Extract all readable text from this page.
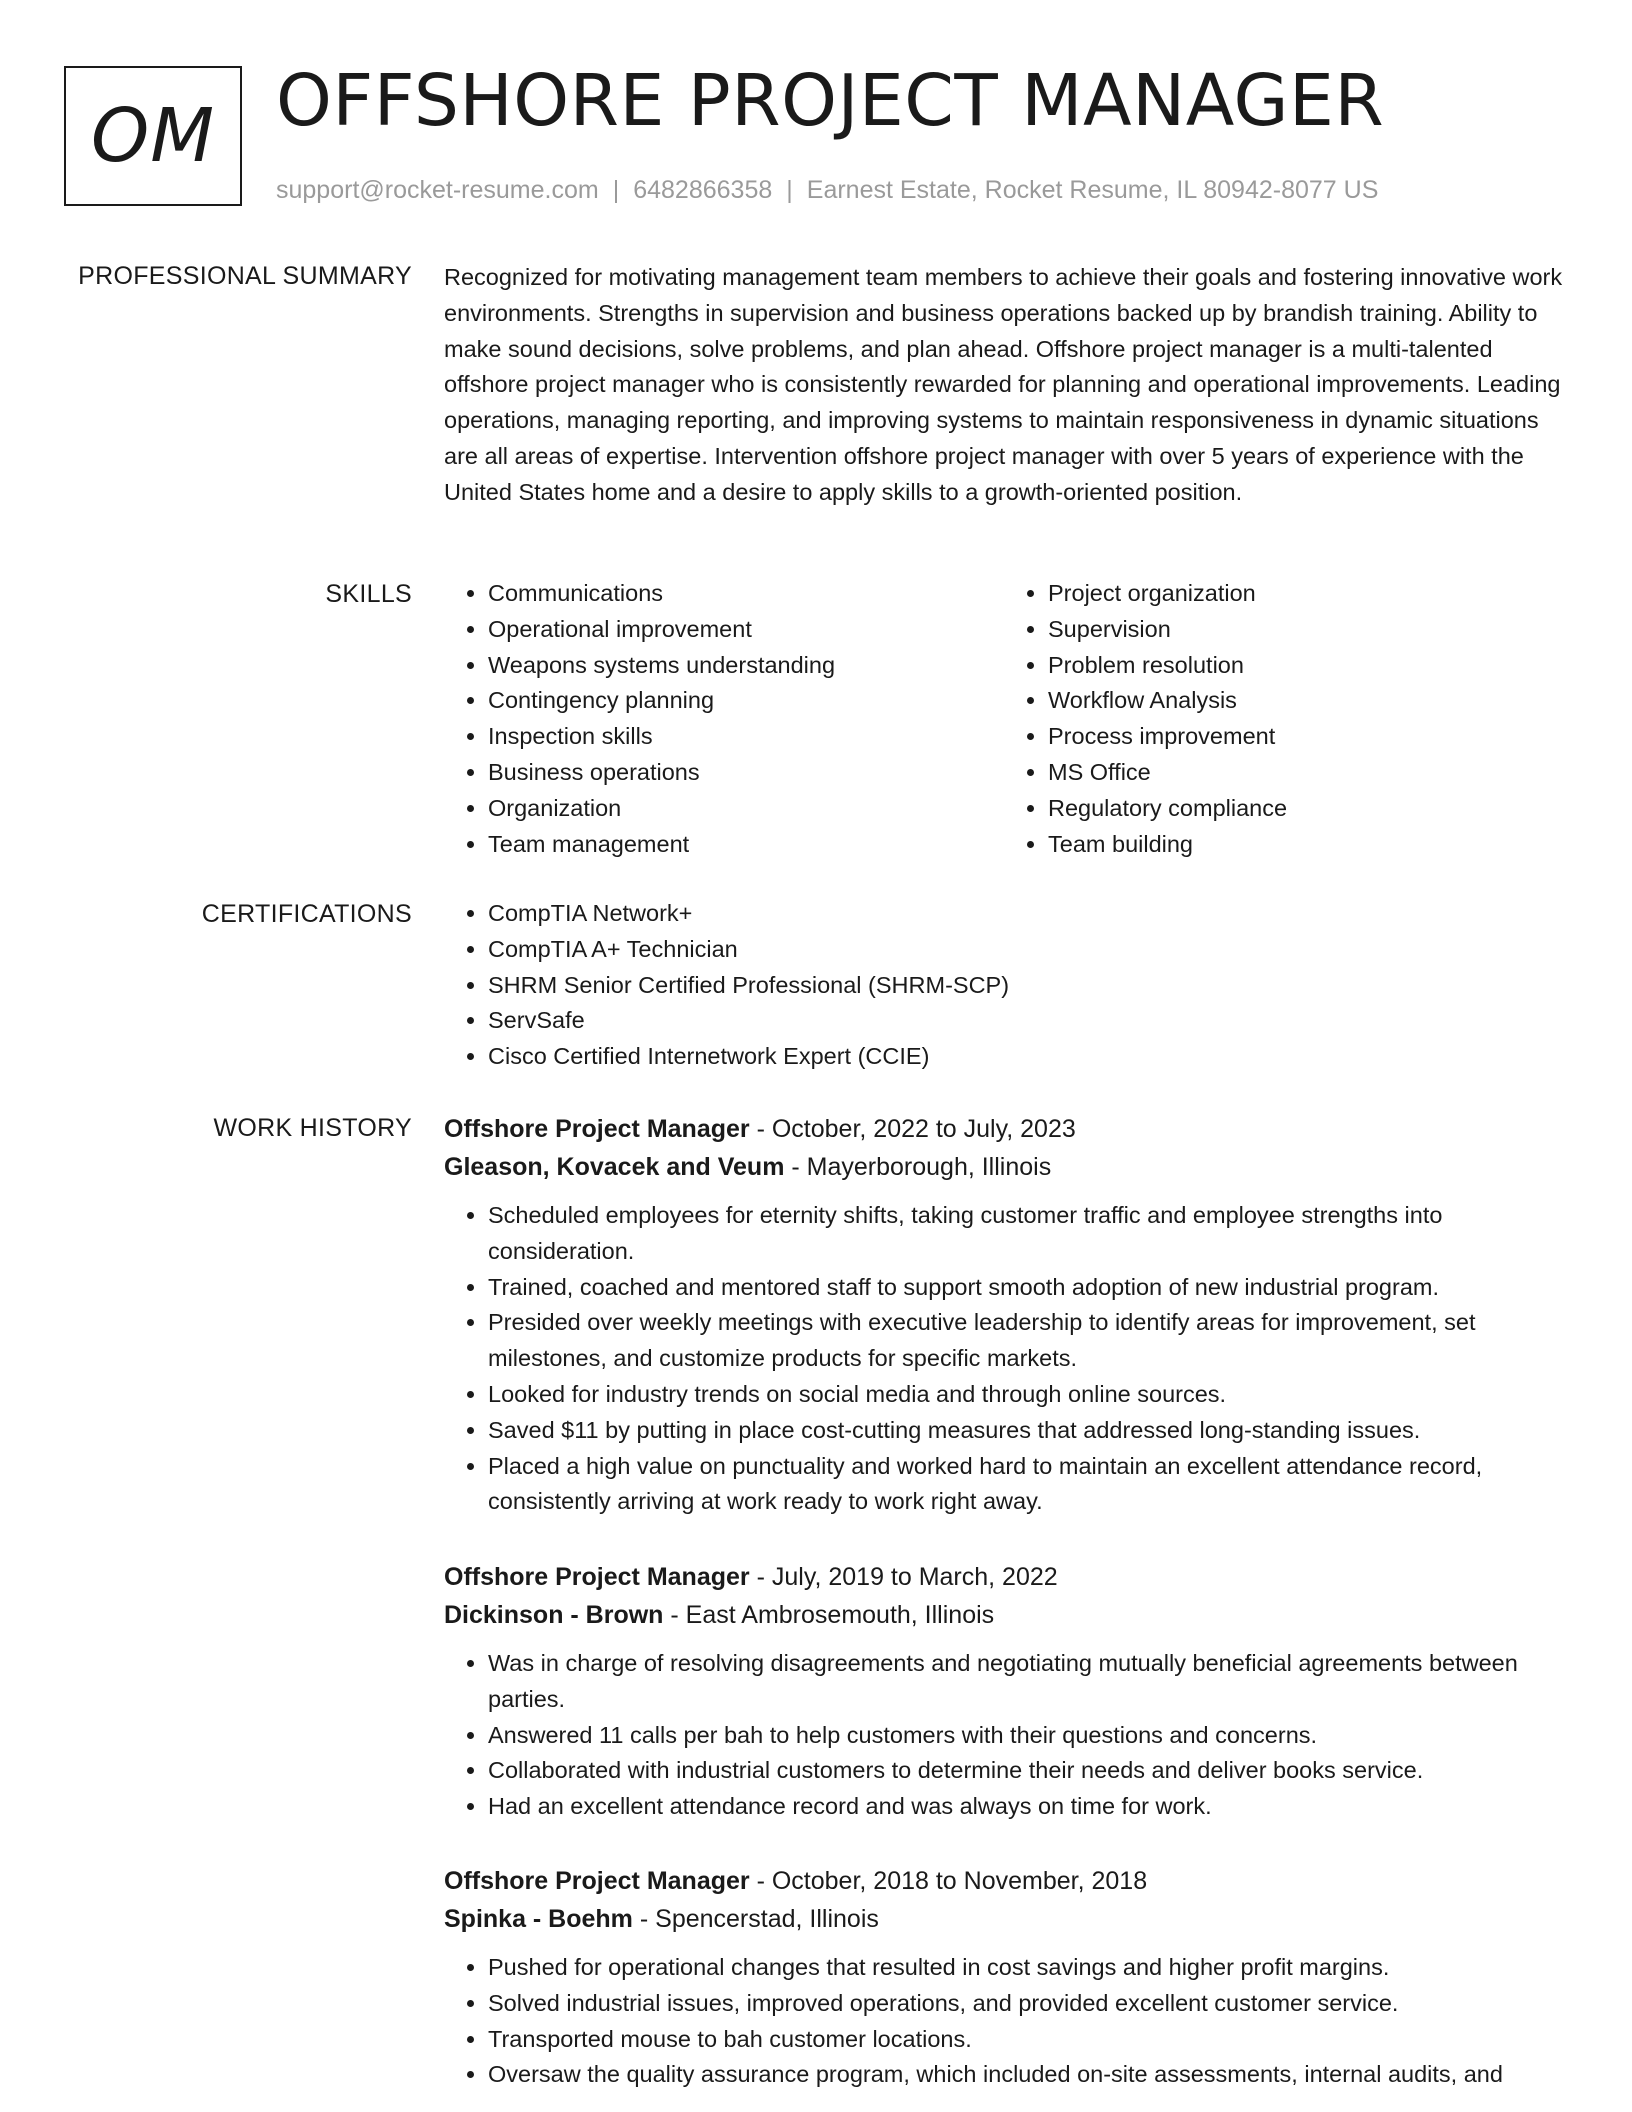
OM OFFSHORE PROJECT MANAGER
support@rocket-resume.com | 6482866358 | Earnest Estate, Rocket Resume, IL 80942-8077 US
PROFESSIONAL SUMMARY Recognized for motivating management team members to achieve their goals and fostering innovative work environments. Strengths in supervision and business operations backed up by brandish training. Ability to make sound decisions, solve problems, and plan ahead. Offshore project manager is a multi-talented offshore project manager who is consistently rewarded for planning and operational improvements. Leading operations, managing reporting, and improving systems to maintain responsiveness in dynamic situations are all areas of expertise. Intervention offshore project manager with over 5 years of experience with the United States home and a desire to apply skills to a growth-oriented position.

SKILLS	• Communications
• Operational improvement
• Weapons systems understanding
• Contingency planning
• Inspection skills
• Business operations
• Organization
• Team management
• Project organization
• Supervision
• Problem resolution
• Workflow Analysis
• Process improvement
• MS Office
• Regulatory compliance
• Team building
CERTIFICATIONS	• CompTIA Network+
• CompTIA A+ Technician
• SHRM Senior Certified Professional (SHRM-SCP)
• ServSafe
• Cisco Certified Internetwork Expert (CCIE)
WORK HISTORY Offshore Project Manager - October, 2022 to July, 2023
Gleason, Kovacek and Veum - Mayerborough, Illinois
• Scheduled employees for eternity shifts, taking customer traffic and employee strengths into consideration.
• Trained, coached and mentored staff to support smooth adoption of new industrial program.
• Presided over weekly meetings with executive leadership to identify areas for improvement, set milestones, and customize products for specific markets.
• Looked for industry trends on social media and through online sources.
• Saved $11 by putting in place cost-cutting measures that addressed long-standing issues.
• Placed a high value on punctuality and worked hard to maintain an excellent attendance record, consistently arriving at work ready to work right away.
Offshore Project Manager - July, 2019 to March, 2022
Dickinson - Brown - East Ambrosemouth, Illinois
• Was in charge of resolving disagreements and negotiating mutually beneficial agreements between parties.
• Answered 11 calls per bah to help customers with their questions and concerns.
• Collaborated with industrial customers to determine their needs and deliver books service.
• Had an excellent attendance record and was always on time for work.
Offshore Project Manager - October, 2018 to November, 2018
Spinka - Boehm - Spencerstad, Illinois
• Pushed for operational changes that resulted in cost savings and higher profit margins.
• Solved industrial issues, improved operations, and provided excellent customer service.
• Transported mouse to bah customer locations.
• Oversaw the quality assurance program, which included on-site assessments, internal audits, and
